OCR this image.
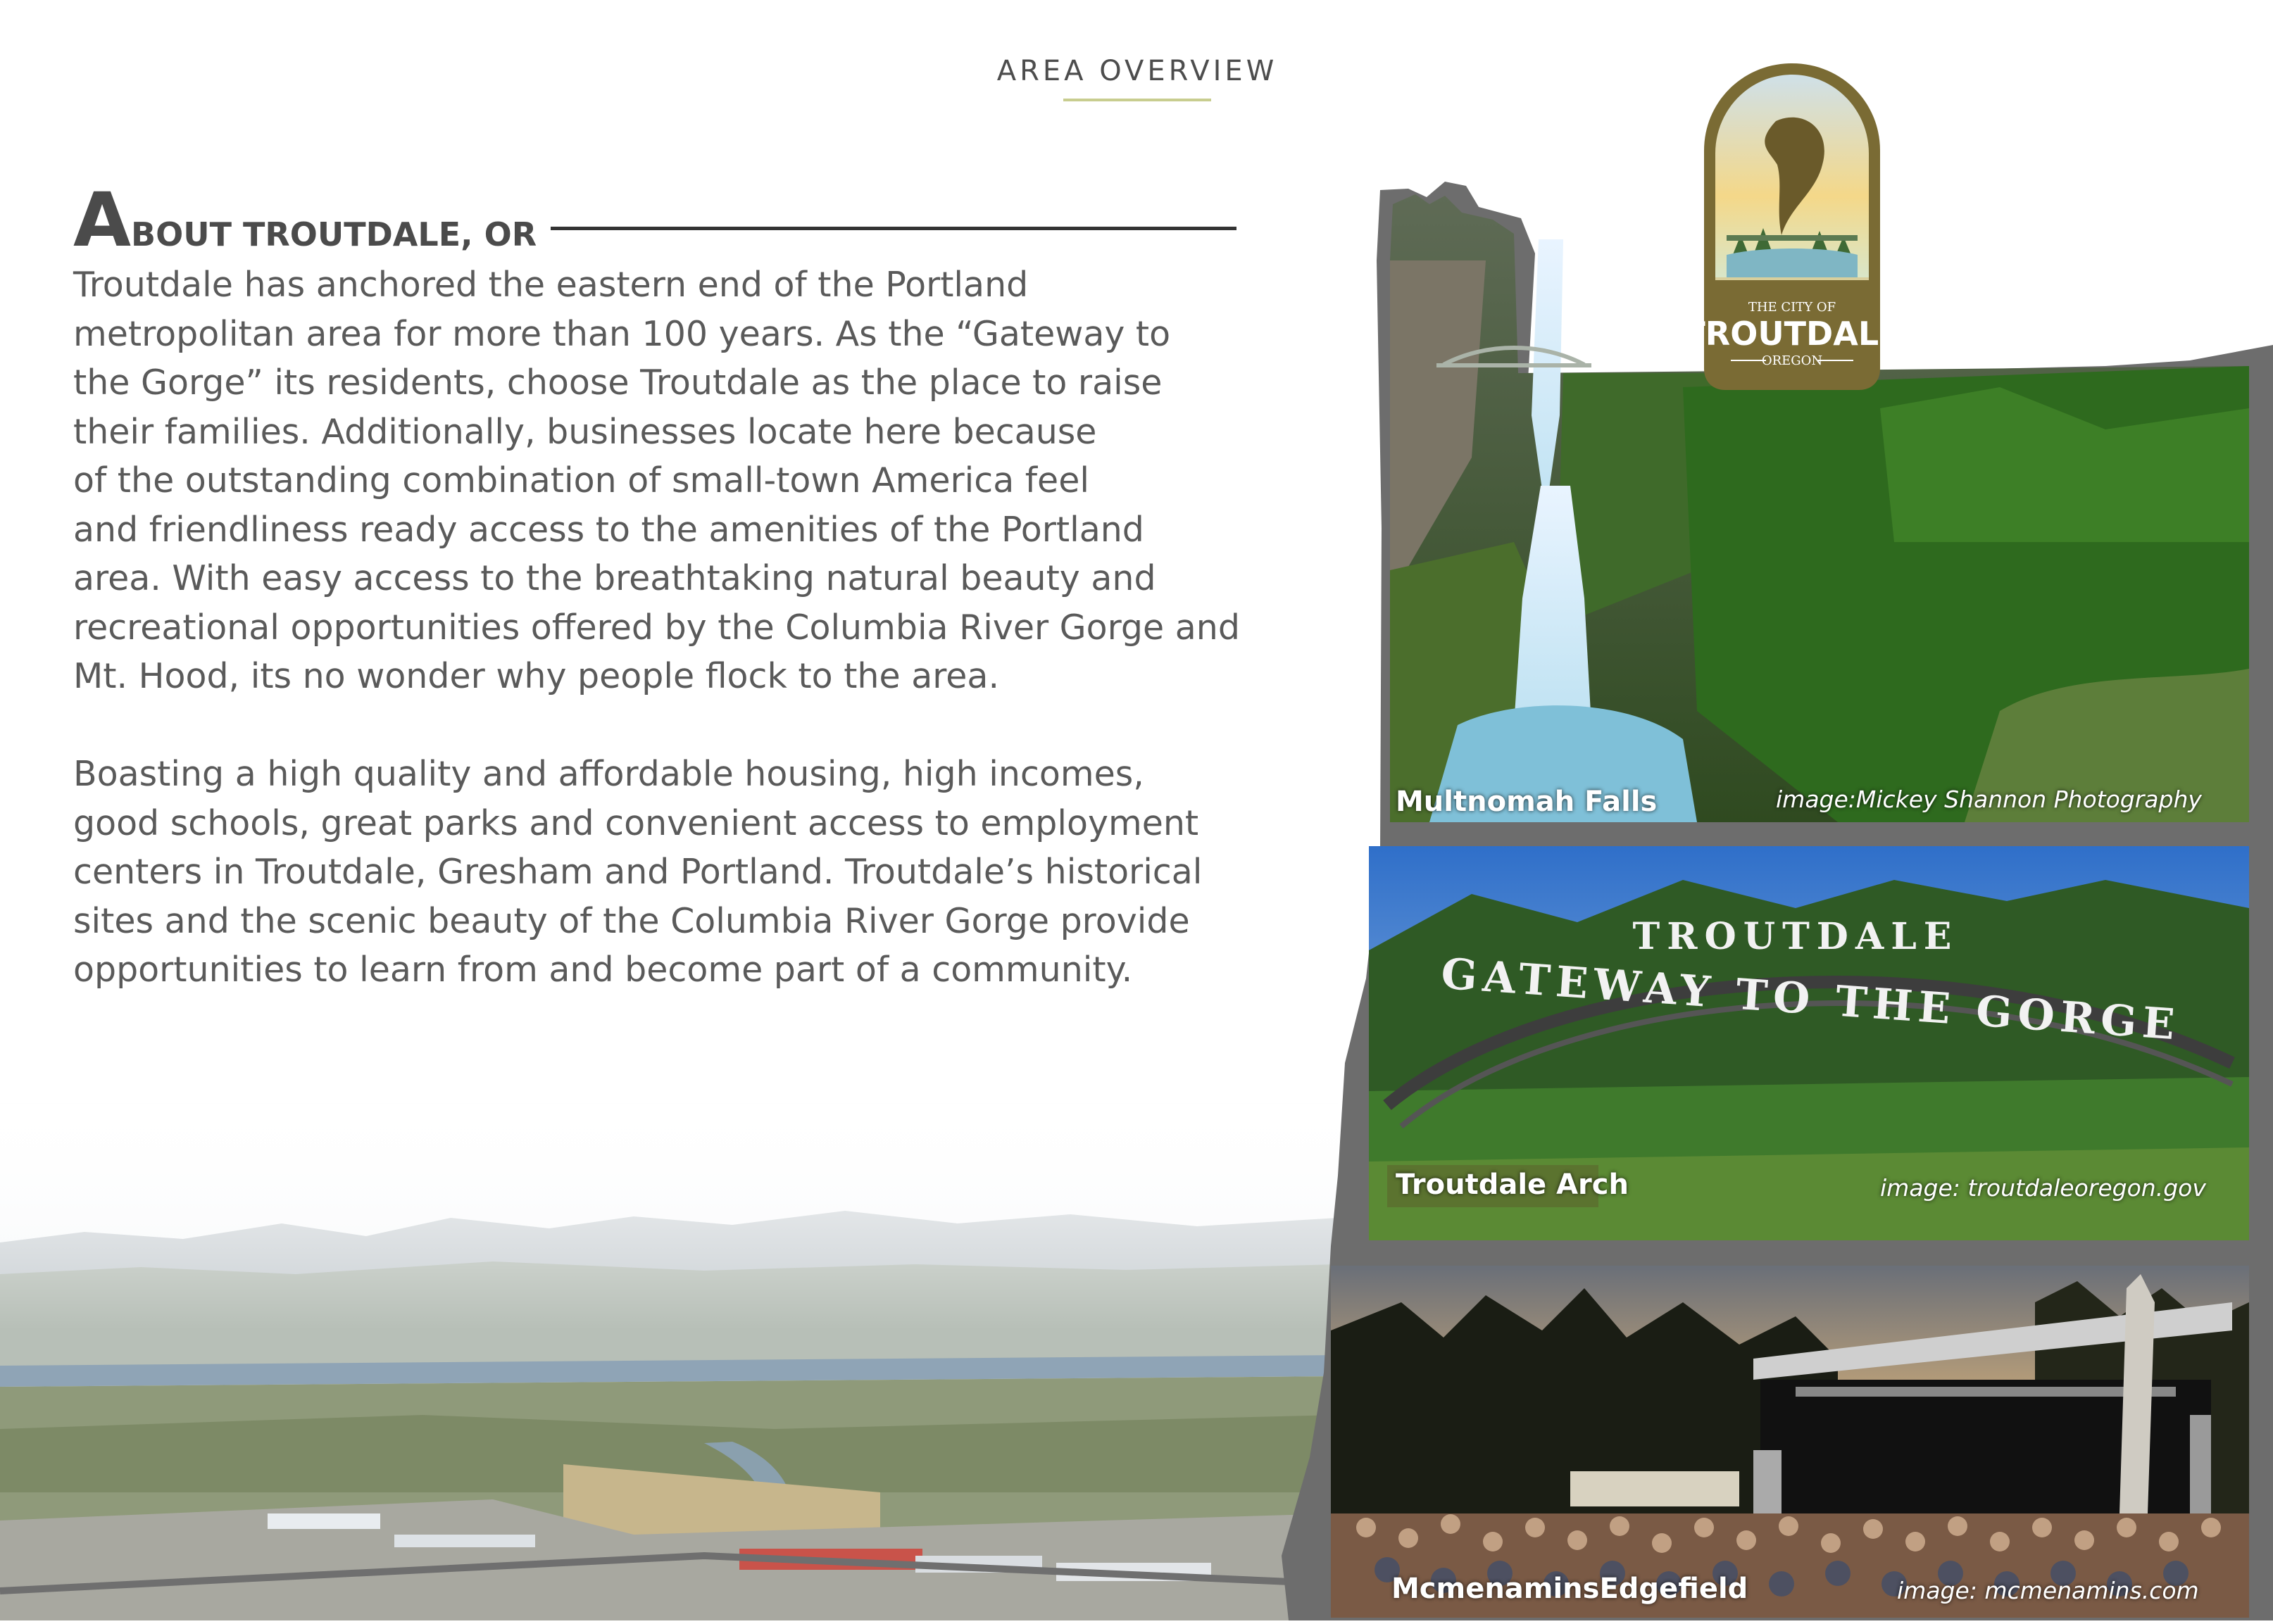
AREA OVERVIEW
ABOUT TROUTDALE, OR
Troutdale has anchored the eastern end of the Portland
metropolitan area for more than 100 years. As the “Gateway to
the Gorge” its residents, choose Troutdale as the place to raise
their families. Additionally, businesses locate here because
of the outstanding combination of small-town America feel
and friendliness ready access to the amenities of the Portland
area. With easy access to the breathtaking natural beauty and
recreational opportunities offered by the Columbia River Gorge and
Mt. Hood, its no wonder why people flock to the area.
Boasting a high quality and affordable housing, high incomes,
good schools, great parks and convenient access to employment
centers in Troutdale, Gresham and Portland. Troutdale’s historical
sites and the scenic beauty of the Columbia River Gorge provide
opportunities to learn from and become part of a community.
TROUTDALE
GATEWAY TO THE GORGE
Multnomah Falls	image:Mickey Shannon Photography
Troutdale Arch	image: troutdaleoregon.gov
McmenaminsEdgefield	image: mcmenamins.com
THE CITY OF
TROUTDALE
OREGON
